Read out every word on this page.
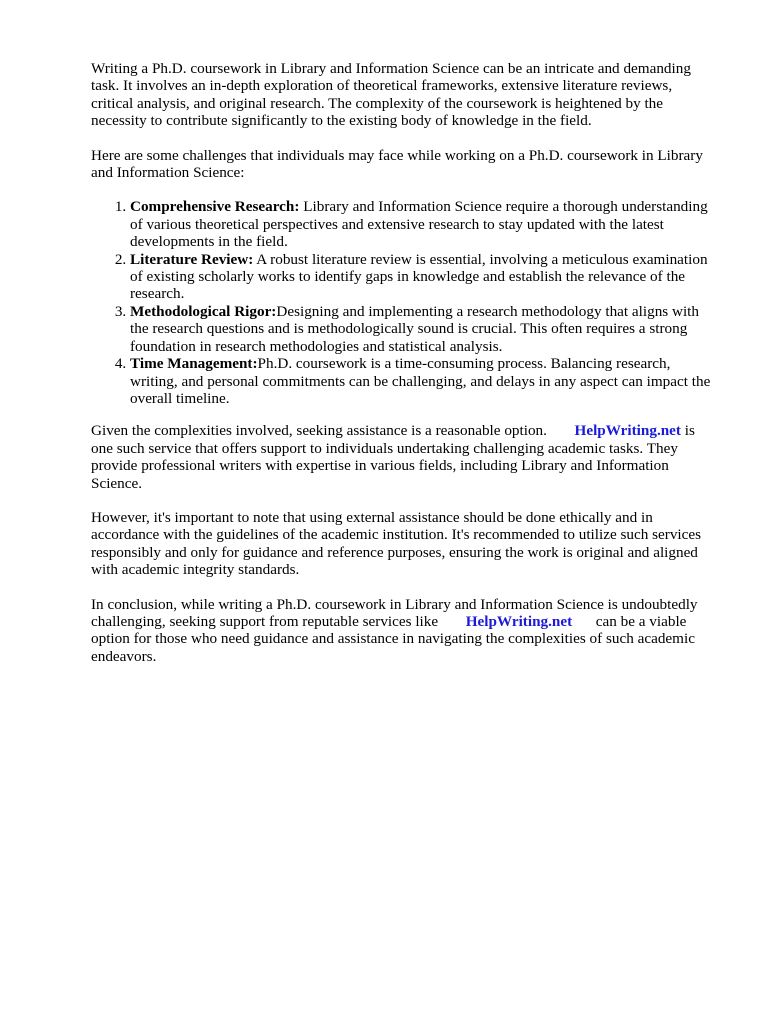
Writing a Ph.D. coursework in Library and Information Science can be an intricate and demanding task. It involves an in-depth exploration of theoretical frameworks, extensive literature reviews, critical analysis, and original research. The complexity of the coursework is heightened by the necessity to contribute significantly to the existing body of knowledge in the field.

Here are some challenges that individuals may face while working on a Ph.D. coursework in Library and Information Science:

1. Comprehensive Research: Library and Information Science require a thorough understanding of various theoretical perspectives and extensive research to stay updated with the latest developments in the field.
2. Literature Review: A robust literature review is essential, involving a meticulous examination of existing scholarly works to identify gaps in knowledge and establish the relevance of the research.
3. Methodological Rigor:Designing and implementing a research methodology that aligns with the research questions and is methodologically sound is crucial. This often requires a strong foundation in research methodologies and statistical analysis.
4. Time Management:Ph.D. coursework is a time-consuming process. Balancing research, writing, and personal commitments can be challenging, and delays in any aspect can impact the overall timeline.

Given the complexities involved, seeking assistance is a reasonable option. HelpWriting.net is one such service that offers support to individuals undertaking challenging academic tasks. They provide professional writers with expertise in various fields, including Library and Information Science.

However, it's important to note that using external assistance should be done ethically and in accordance with the guidelines of the academic institution. It's recommended to utilize such services responsibly and only for guidance and reference purposes, ensuring the work is original and aligned with academic integrity standards.

In conclusion, while writing a Ph.D. coursework in Library and Information Science is undoubtedly challenging, seeking support from reputable services like HelpWriting.net can be a viable option for those who need guidance and assistance in navigating the complexities of such academic endeavors.
